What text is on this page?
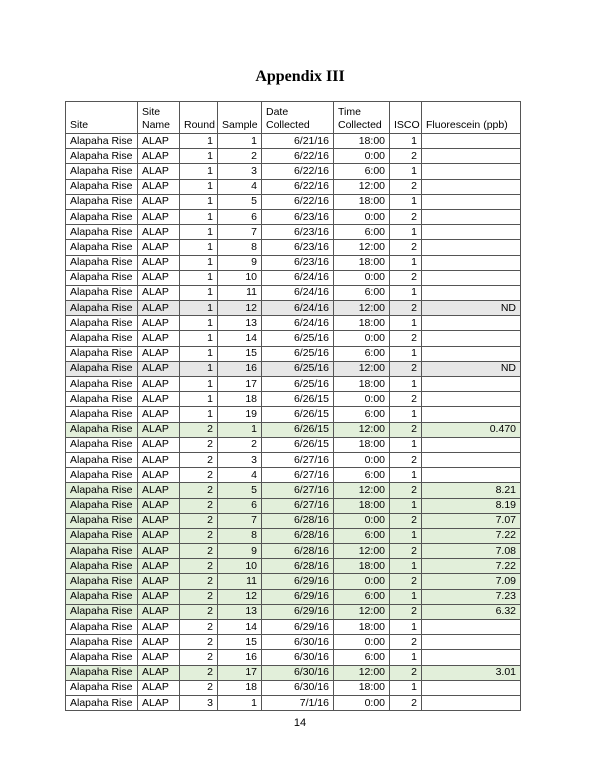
Appendix III
Site	Site Name	Round	Sample	Date Collected	Time Collected	ISCO	Fluorescein (ppb)
Alapaha Rise	ALAP	1	1	6/21/16	18:00	1	
Alapaha Rise	ALAP	1	2	6/22/16	0:00	2	
Alapaha Rise	ALAP	1	3	6/22/16	6:00	1	
Alapaha Rise	ALAP	1	4	6/22/16	12:00	2	
Alapaha Rise	ALAP	1	5	6/22/16	18:00	1	
Alapaha Rise	ALAP	1	6	6/23/16	0:00	2	
Alapaha Rise	ALAP	1	7	6/23/16	6:00	1	
Alapaha Rise	ALAP	1	8	6/23/16	12:00	2	
Alapaha Rise	ALAP	1	9	6/23/16	18:00	1	
Alapaha Rise	ALAP	1	10	6/24/16	0:00	2	
Alapaha Rise	ALAP	1	11	6/24/16	6:00	1	
Alapaha Rise	ALAP	1	12	6/24/16	12:00	2	ND
Alapaha Rise	ALAP	1	13	6/24/16	18:00	1	
Alapaha Rise	ALAP	1	14	6/25/16	0:00	2	
Alapaha Rise	ALAP	1	15	6/25/16	6:00	1	
Alapaha Rise	ALAP	1	16	6/25/16	12:00	2	ND
Alapaha Rise	ALAP	1	17	6/25/16	18:00	1	
Alapaha Rise	ALAP	1	18	6/26/15	0:00	2	
Alapaha Rise	ALAP	1	19	6/26/15	6:00	1	
Alapaha Rise	ALAP	2	1	6/26/15	12:00	2	0.470
Alapaha Rise	ALAP	2	2	6/26/15	18:00	1	
Alapaha Rise	ALAP	2	3	6/27/16	0:00	2	
Alapaha Rise	ALAP	2	4	6/27/16	6:00	1	
Alapaha Rise	ALAP	2	5	6/27/16	12:00	2	8.21
Alapaha Rise	ALAP	2	6	6/27/16	18:00	1	8.19
Alapaha Rise	ALAP	2	7	6/28/16	0:00	2	7.07
Alapaha Rise	ALAP	2	8	6/28/16	6:00	1	7.22
Alapaha Rise	ALAP	2	9	6/28/16	12:00	2	7.08
Alapaha Rise	ALAP	2	10	6/28/16	18:00	1	7.22
Alapaha Rise	ALAP	2	11	6/29/16	0:00	2	7.09
Alapaha Rise	ALAP	2	12	6/29/16	6:00	1	7.23
Alapaha Rise	ALAP	2	13	6/29/16	12:00	2	6.32
Alapaha Rise	ALAP	2	14	6/29/16	18:00	1	
Alapaha Rise	ALAP	2	15	6/30/16	0:00	2	
Alapaha Rise	ALAP	2	16	6/30/16	6:00	1	
Alapaha Rise	ALAP	2	17	6/30/16	12:00	2	3.01
Alapaha Rise	ALAP	2	18	6/30/16	18:00	1	
Alapaha Rise	ALAP	3	1	7/1/16	0:00	2	
14
